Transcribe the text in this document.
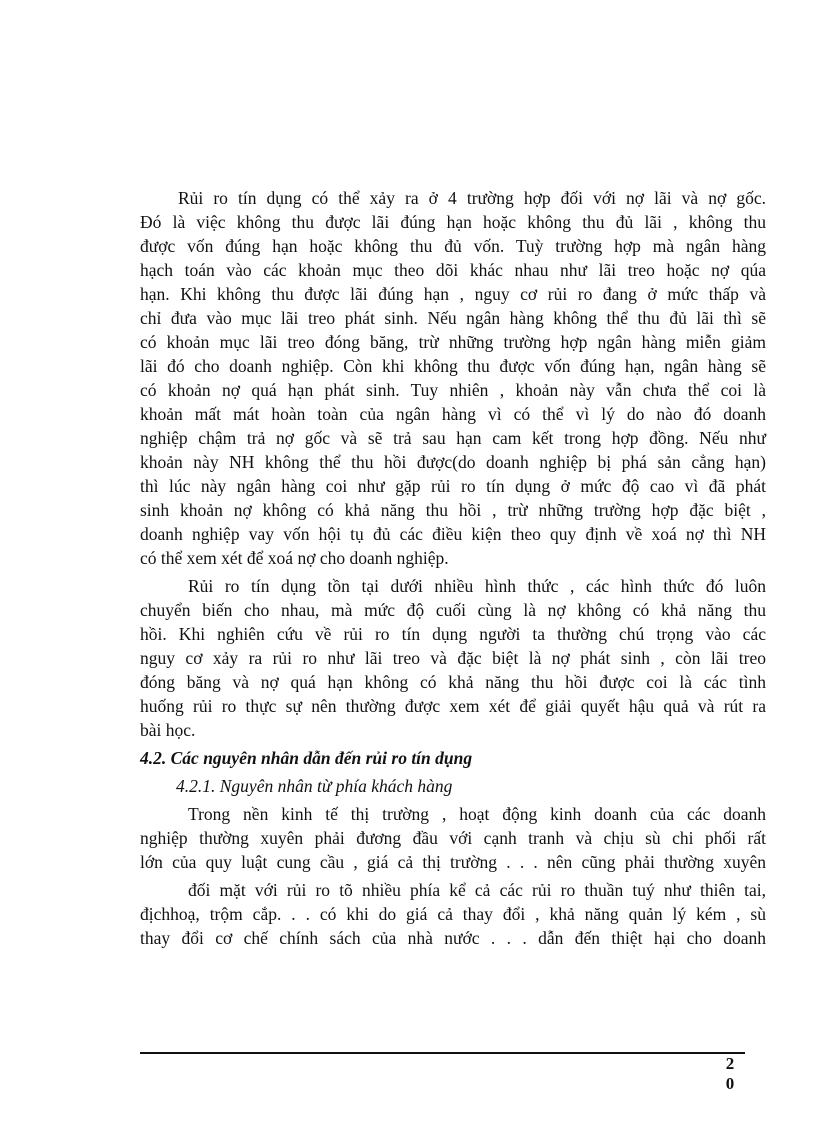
Rủi ro tín dụng có thể xảy ra ở 4 trường hợp đối với nợ lãi và nợ gốc.
Đó là việc không thu được lãi đúng hạn hoặc không thu đủ lãi , không thu
được vốn đúng hạn hoặc không thu đủ vốn. Tuỳ trường hợp mà ngân hàng
hạch toán vào các khoản mục theo dõi khác nhau như lãi treo hoặc nợ qúa
hạn. Khi không thu được lãi đúng hạn , nguy cơ rủi ro đang ở mức thấp và
chỉ đưa vào mục lãi treo phát sinh. Nếu ngân hàng không thể thu đủ lãi thì sẽ
có khoản mục lãi treo đóng băng, trừ những trường hợp ngân hàng miễn giảm
lãi đó cho doanh nghiệp. Còn khi không thu được vốn đúng hạn, ngân hàng sẽ
có khoản nợ quá hạn phát sinh. Tuy nhiên , khoản này vẫn chưa thể coi là
khoản mất mát hoàn toàn của ngân hàng vì có thể vì lý do nào đó doanh
nghiệp chậm trả nợ gốc và sẽ trả sau hạn cam kết trong hợp đồng. Nếu như
khoản này NH không thể thu hồi được(do doanh nghiệp bị phá sản cẳng hạn)
thì lúc này ngân hàng coi như gặp rủi ro tín dụng ở mức độ cao vì đã phát
sinh khoản nợ không có khả năng thu hồi , trừ những trường hợp đặc biệt ,
doanh nghiệp vay vốn hội tụ đủ các điều kiện theo quy định về xoá nợ thì NH
có thể xem xét để xoá nợ cho doanh nghiệp.
Rủi ro tín dụng tồn tại dưới nhiều hình thức , các hình thức đó luôn
chuyển biến cho nhau, mà mức độ cuối cùng là nợ không có khả năng thu
hồi. Khi nghiên cứu về rủi ro tín dụng người ta thường chú trọng vào các
nguy cơ xảy ra rủi ro như lãi treo và đặc biệt là nợ phát sinh , còn lãi treo
đóng băng và nợ quá hạn không có khả năng thu hồi được coi là các tình
huống rủi ro thực sự nên thường được xem xét để giải quyết hậu quả và rút ra
bài học.
4.2. Các nguyên nhân dẫn đến rủi ro tín dụng
4.2.1. Nguyên nhân từ phía khách hàng
Trong nền kinh tế thị trường , hoạt động kinh doanh của các doanh
nghiệp thường xuyên phải đương đầu với cạnh tranh và chịu sù chi phối rất
lớn của quy luật cung cầu , giá cả thị trường . . . nên cũng phải thường xuyên
đối mặt với rủi ro tõ nhiều phía kể cả các rủi ro thuần tuý như thiên tai,
địchhoạ, trộm cắp. . . có khi do giá cả thay đổi , khả năng quản lý kém , sù
thay đổi cơ chế chính sách của nhà nước . . . dẫn đến thiệt hại cho doanh
2
0
